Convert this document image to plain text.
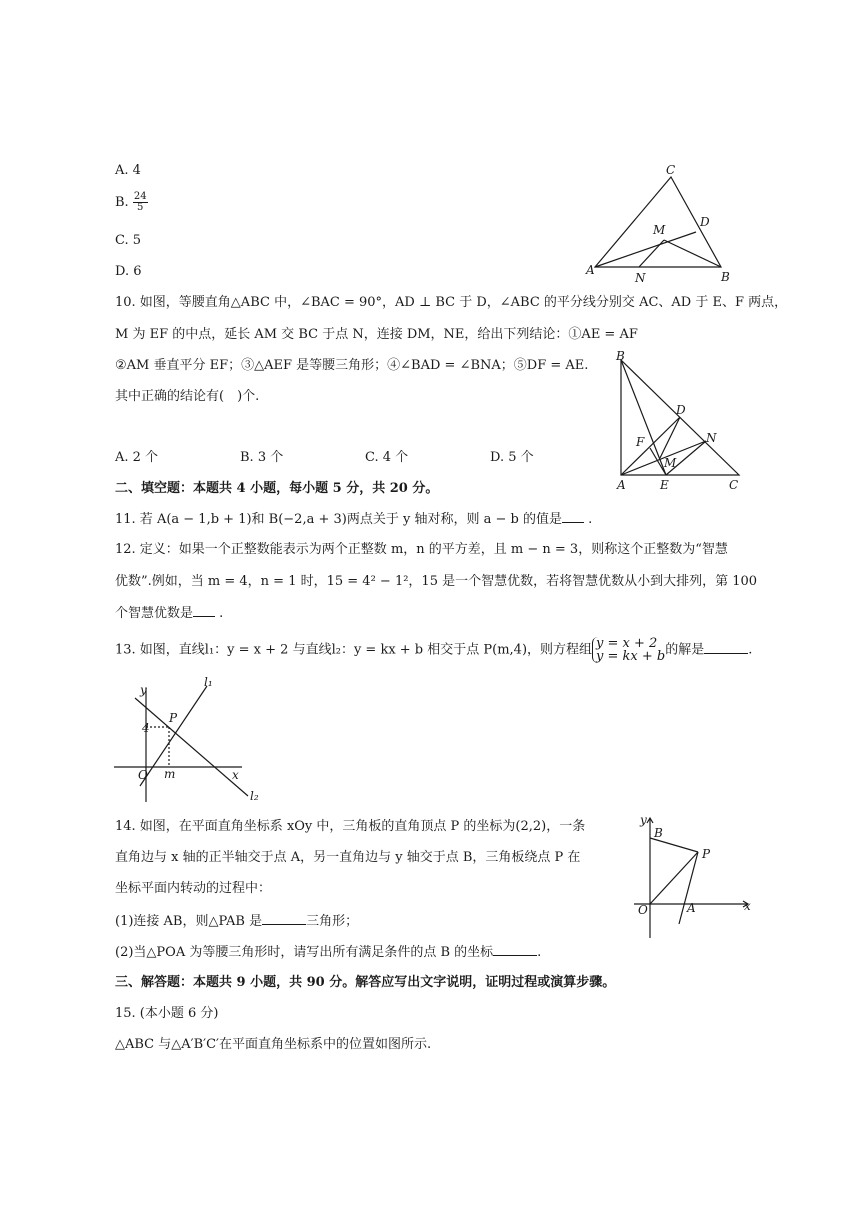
A. 4
B. $\frac{24}{5}$
C. 5
D. 6
C
M
D
A
N	B
10. 如图，等腰直角△ABC 中，∠BAC = 90°，AD ⊥ BC 于 D，∠ABC 的平分线分别交 AC、AD 于 E、F 两点，
M 为 EF 的中点，延长 AM 交 BC 于点 N，连接 DM，NE，给出下列结论：①AE = AF
②AM 垂直平分 EF；③△AEF 是等腰三角形；④∠BAD = ∠BNA；⑤DF = AE.
其中正确的结论有(　)个.
A. 2 个	B. 3 个	C. 4 个	D. 5 个
B
D
N
F
M
A	E	C
二、填空题：本题共 4 小题，每小题 5 分，共 20 分。
11. 若 A(a − 1,b + 1)和 B(−2,a + 3)两点关于 y 轴对称，则 a − b 的值是 .
12. 定义：如果一个正整数能表示为两个正整数 m，n 的平方差，且 m − n = 3，则称这个正整数为“智慧
优数”.例如，当 m = 4，n = 1 时，15 = 4² − 1²，15 是一个智慧优数，若将智慧优数从小到大排列，第 100
个智慧优数是 .
13. 如图，直线l₁：y = x + 2 与直线l₂：y = kx + b 相交于点 P(m,4)，则方程组 y = x + 2
y = kx + b 的解是	.
y
l₁
P
4
O m	x
l₂
14. 如图，在平面直角坐标系 xOy 中，三角板的直角顶点 P 的坐标为(2,2)，一条
直角边与 x 轴的正半轴交于点 A，另一直角边与 y 轴交于点 B，三角板绕点 P 在
坐标平面内转动的过程中：
(1)连接 AB，则△PAB 是	三角形；
(2)当△POA 为等腰三角形时，请写出所有满足条件的点 B 的坐标	.
y
B
P
O	A	x
三、解答题：本题共 9 小题，共 90 分。解答应写出文字说明，证明过程或演算步骤。
15. (本小题 6 分)
△ABC 与△A′B′C′在平面直角坐标系中的位置如图所示.
